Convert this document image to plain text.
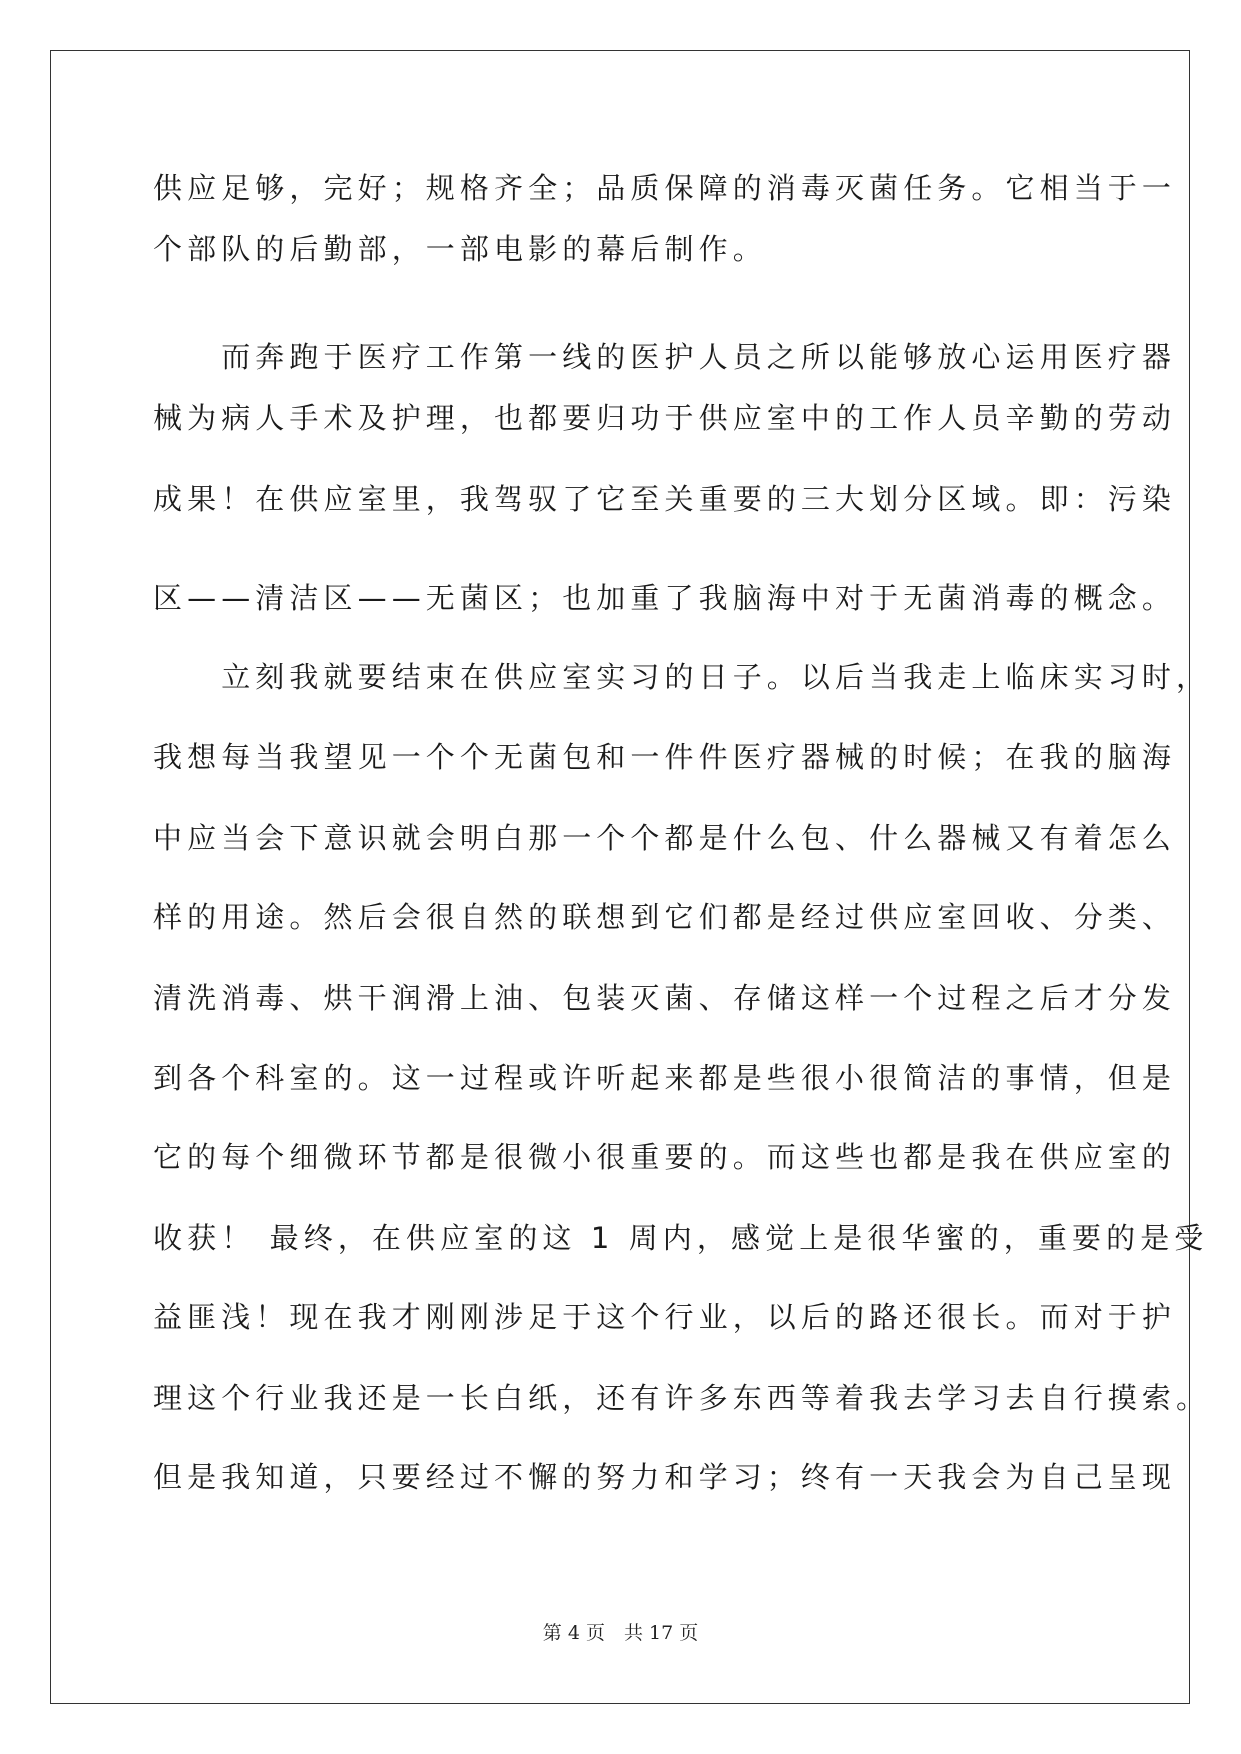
供应足够，完好；规格齐全；品质保障的消毒灭菌任务。它相当于一
个部队的后勤部，一部电影的幕后制作。
　　而奔跑于医疗工作第一线的医护人员之所以能够放心运用医疗器
械为病人手术及护理，也都要归功于供应室中的工作人员辛勤的劳动
成果！在供应室里，我驾驭了它至关重要的三大划分区域。即：污染
区——清洁区——无菌区；也加重了我脑海中对于无菌消毒的概念。
　　立刻我就要结束在供应室实习的日子。以后当我走上临床实习时，
我想每当我望见一个个无菌包和一件件医疗器械的时候；在我的脑海
中应当会下意识就会明白那一个个都是什么包、什么器械又有着怎么
样的用途。然后会很自然的联想到它们都是经过供应室回收、分类、
清洗消毒、烘干润滑上油、包装灭菌、存储这样一个过程之后才分发
到各个科室的。这一过程或许听起来都是些很小很简洁的事情，但是
它的每个细微环节都是很微小很重要的。而这些也都是我在供应室的
收获！ 最终，在供应室的这 1 周内，感觉上是很华蜜的，重要的是受
益匪浅！现在我才刚刚涉足于这个行业，以后的路还很长。而对于护
理这个行业我还是一长白纸，还有许多东西等着我去学习去自行摸索。
但是我知道，只要经过不懈的努力和学习；终有一天我会为自己呈现
第 4 页　共 17 页
